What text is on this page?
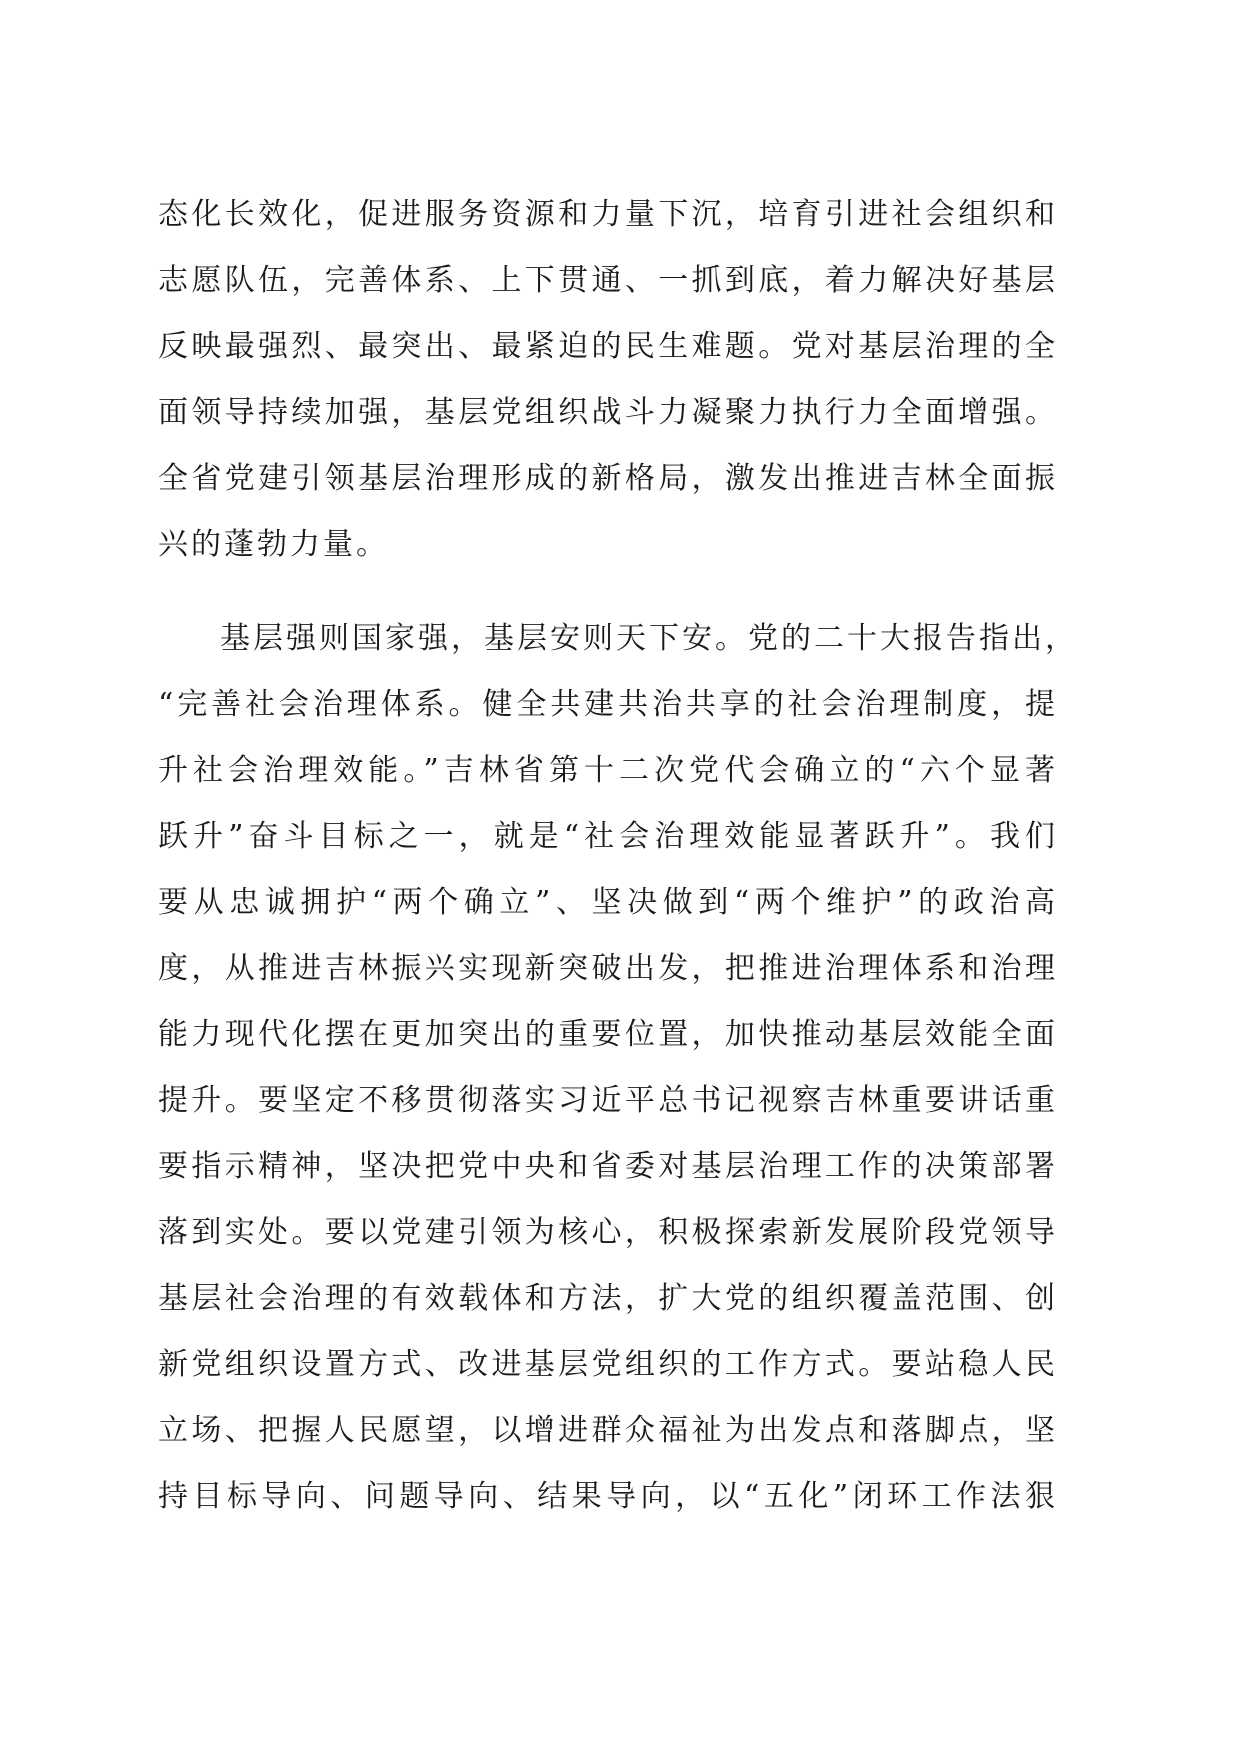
态化长效化，促进服务资源和力量下沉，培育引进社会组织和
志愿队伍，完善体系、上下贯通、一抓到底，着力解决好基层
反映最强烈、最突出、最紧迫的民生难题。党对基层治理的全
面领导持续加强，基层党组织战斗力凝聚力执行力全面增强。
全省党建引领基层治理形成的新格局，激发出推进吉林全面振
兴的蓬勃力量。
基层强则国家强，基层安则天下安。党的二十大报告指出，
“完善社会治理体系。健全共建共治共享的社会治理制度，提
升社会治理效能。”吉林省第十二次党代会确立的“六个显著
跃升”奋斗目标之一，就是“社会治理效能显著跃升”。我们
要从忠诚拥护“两个确立”、坚决做到“两个维护”的政治高
度，从推进吉林振兴实现新突破出发，把推进治理体系和治理
能力现代化摆在更加突出的重要位置，加快推动基层效能全面
提升。要坚定不移贯彻落实习近平总书记视察吉林重要讲话重
要指示精神，坚决把党中央和省委对基层治理工作的决策部署
落到实处。要以党建引领为核心，积极探索新发展阶段党领导
基层社会治理的有效载体和方法，扩大党的组织覆盖范围、创
新党组织设置方式、改进基层党组织的工作方式。要站稳人民
立场、把握人民愿望，以增进群众福祉为出发点和落脚点，坚
持目标导向、问题导向、结果导向，以“五化”闭环工作法狠
